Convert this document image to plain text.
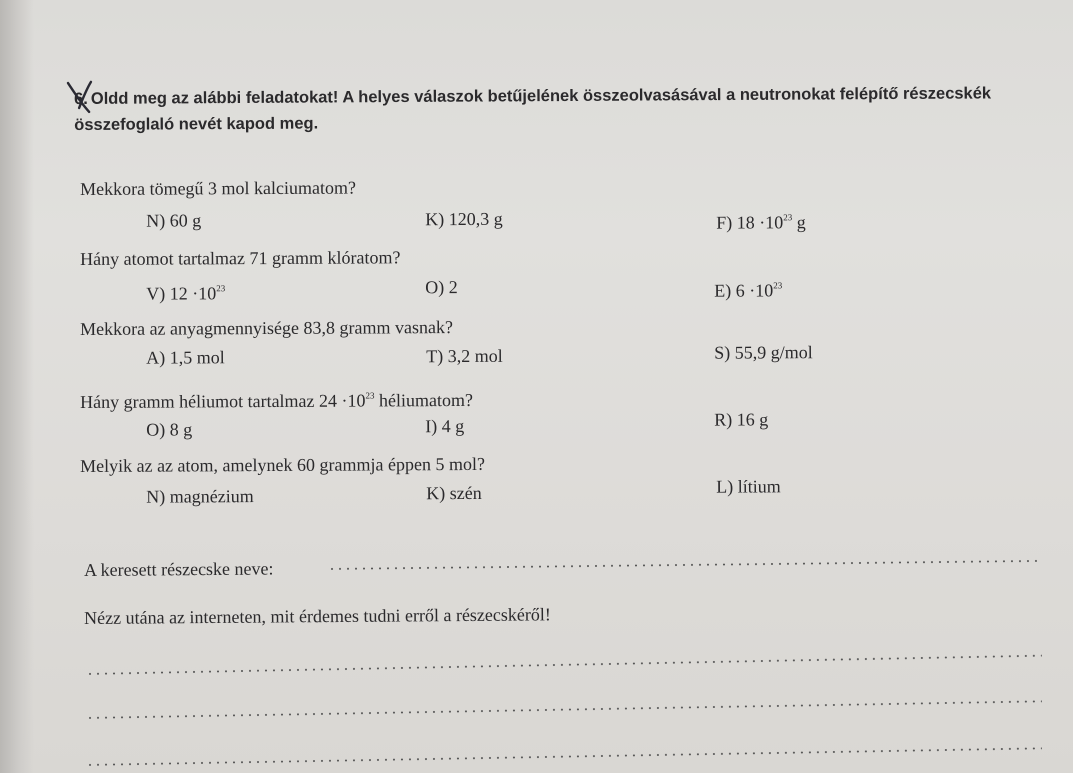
6. Oldd meg az alábbi feladatokat! A helyes válaszok betűjelének összeolvasásával a neutronokat felépítő részecskék összefoglaló nevét kapod meg.
Mekkora tömegű 3 mol kalciumatom?
N) 60 g	K) 120,3 g	F) $18 \cdot 10^{23}$ g
Hány atomot tartalmaz 71 gramm klóratom?
V) $12 \cdot 10^{23}$	O) 2	E) $6 \cdot 10^{23}$
Mekkora az anyagmennyisége 83,8 gramm vasnak?
A) 1,5 mol	T) 3,2 mol	S) 55,9 g/mol
Hány gramm héliumot tartalmaz $24 \cdot 10^{23}$ héliumatom?
O) 8 g	I) 4 g	R) 16 g
Melyik az az atom, amelynek 60 grammja éppen 5 mol?
N) magnézium	K) szén	L) lítium
A keresett részecske neve:
Nézz utána az interneten, mit érdemes tudni erről a részecskéről!
